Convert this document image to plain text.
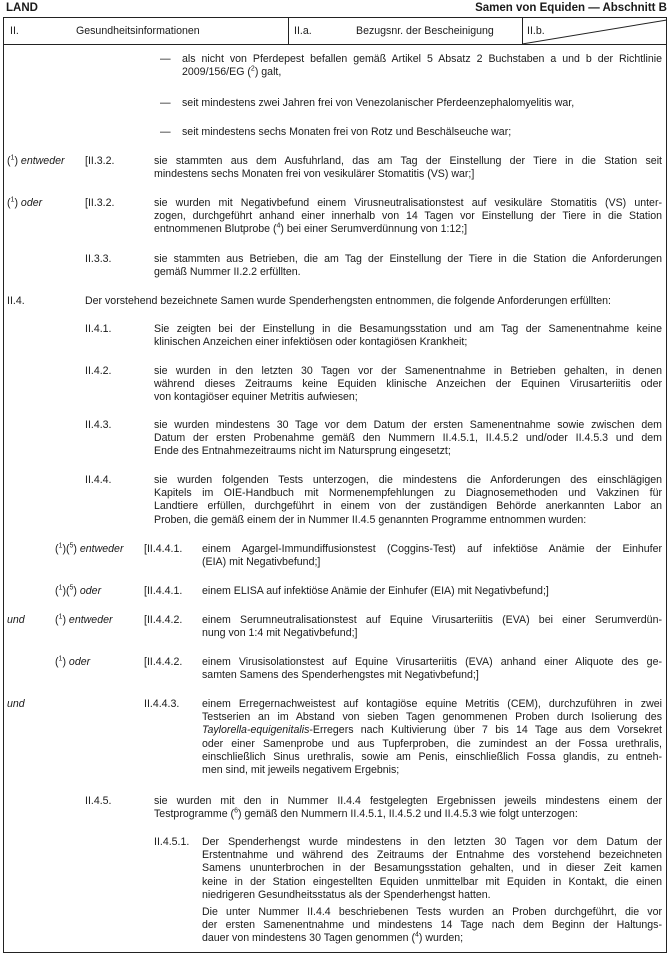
LAND	Samen von Equiden — Abschnitt B
II.	Gesundheitsinformationen	II.a.	Bezugsnr. der Bescheinigung	II.b.
— als nicht von Pferdepest befallen gemäß Artikel 5 Absatz 2 Buchstaben a und b der Richtlinie
2009/156/EG ($^2$) galt,
— seit mindestens zwei Jahren frei von Venezolanischer Pferdeenzephalomyelitis war,
— seit mindestens sechs Monaten frei von Rotz und Beschälseuche war;
($^1$) entweder [II.3.2.	sie stammten aus dem Ausfuhrland, das am Tag der Einstellung der Tiere in die Station seit
mindestens sechs Monaten frei von vesikulärer Stomatitis (VS) war;]
($^1$) oder	[II.3.2.	sie wurden mit Negativbefund einem Virusneutralisationstest auf vesikuläre Stomatitis (VS) unter-
zogen, durchgeführt anhand einer innerhalb von 14 Tagen vor Einstellung der Tiere in die Station
entnommenen Blutprobe ($^4$) bei einer Serumverdünnung von 1:12;]
II.3.3.	sie stammten aus Betrieben, die am Tag der Einstellung der Tiere in die Station die Anforderungen
gemäß Nummer II.2.2 erfüllten.
II.4.	Der vorstehend bezeichnete Samen wurde Spenderhengsten entnommen, die folgende Anforderungen erfüllten:
II.4.1.	Sie zeigten bei der Einstellung in die Besamungsstation und am Tag der Samenentnahme keine
klinischen Anzeichen einer infektiösen oder kontagiösen Krankheit;
II.4.2.	sie wurden in den letzten 30 Tagen vor der Samenentnahme in Betrieben gehalten, in denen
während dieses Zeitraums keine Equiden klinische Anzeichen der Equinen Virusarteriitis oder
von kontagiöser equiner Metritis aufwiesen;
II.4.3.	sie wurden mindestens 30 Tage vor dem Datum der ersten Samenentnahme sowie zwischen dem
Datum der ersten Probenahme gemäß den Nummern II.4.5.1, II.4.5.2 und/oder II.4.5.3 und dem
Ende des Entnahmezeitraums nicht im Natursprung eingesetzt;
II.4.4.	sie wurden folgenden Tests unterzogen, die mindestens die Anforderungen des einschlägigen
Kapitels im OIE-Handbuch mit Normenempfehlungen zu Diagnosemethoden und Vakzinen für
Landtiere erfüllen, durchgeführt in einem von der zuständigen Behörde anerkannten Labor an
Proben, die gemäß einem der in Nummer II.4.5 genannten Programme entnommen wurden:
($^1$)($^5$) entweder [II.4.4.1. einem Agargel-Immundiffusionstest (Coggins-Test) auf infektiöse Anämie der Einhufer
(EIA) mit Negativbefund;]
($^1$)($^5$) oder	[II.4.4.1. einem ELISA auf infektiöse Anämie der Einhufer (EIA) mit Negativbefund;]
und	($^1$) entweder	[II.4.4.2. einem Serumneutralisationstest auf Equine Virusarteriitis (EVA) bei einer Serumverdün-
nung von 1:4 mit Negativbefund;]
($^1$) oder	[II.4.4.2. einem Virusisolationstest auf Equine Virusarteriitis (EVA) anhand einer Aliquote des ge-
samten Samens des Spenderhengstes mit Negativbefund;]
und	II.4.4.3. einem Erregernachweistest auf kontagiöse equine Metritis (CEM), durchzuführen in zwei
Testserien an im Abstand von sieben Tagen genommenen Proben durch Isolierung des
Taylorella-equigenitalis-Erregers nach Kultivierung über 7 bis 14 Tage aus dem Vorsekret
oder einer Samenprobe und aus Tupferproben, die zumindest an der Fossa urethralis,
einschließlich Sinus urethralis, sowie am Penis, einschließlich Fossa glandis, zu entneh-
men sind, mit jeweils negativem Ergebnis;
II.4.5.	sie wurden mit den in Nummer II.4.4 festgelegten Ergebnissen jeweils mindestens einem der
Testprogramme ($^6$) gemäß den Nummern II.4.5.1, II.4.5.2 und II.4.5.3 wie folgt unterzogen:
II.4.5.1. Der Spenderhengst wurde mindestens in den letzten 30 Tagen vor dem Datum der
Erstentnahme und während des Zeitraums der Entnahme des vorstehend bezeichneten
Samens ununterbrochen in der Besamungsstation gehalten, und in dieser Zeit kamen
keine in der Station eingestellten Equiden unmittelbar mit Equiden in Kontakt, die einen
niedrigeren Gesundheitsstatus als der Spenderhengst hatten.
Die unter Nummer II.4.4 beschriebenen Tests wurden an Proben durchgeführt, die vor
der ersten Samenentnahme und mindestens 14 Tage nach dem Beginn der Haltungs-
dauer von mindestens 30 Tagen genommen ($^4$) wurden;
